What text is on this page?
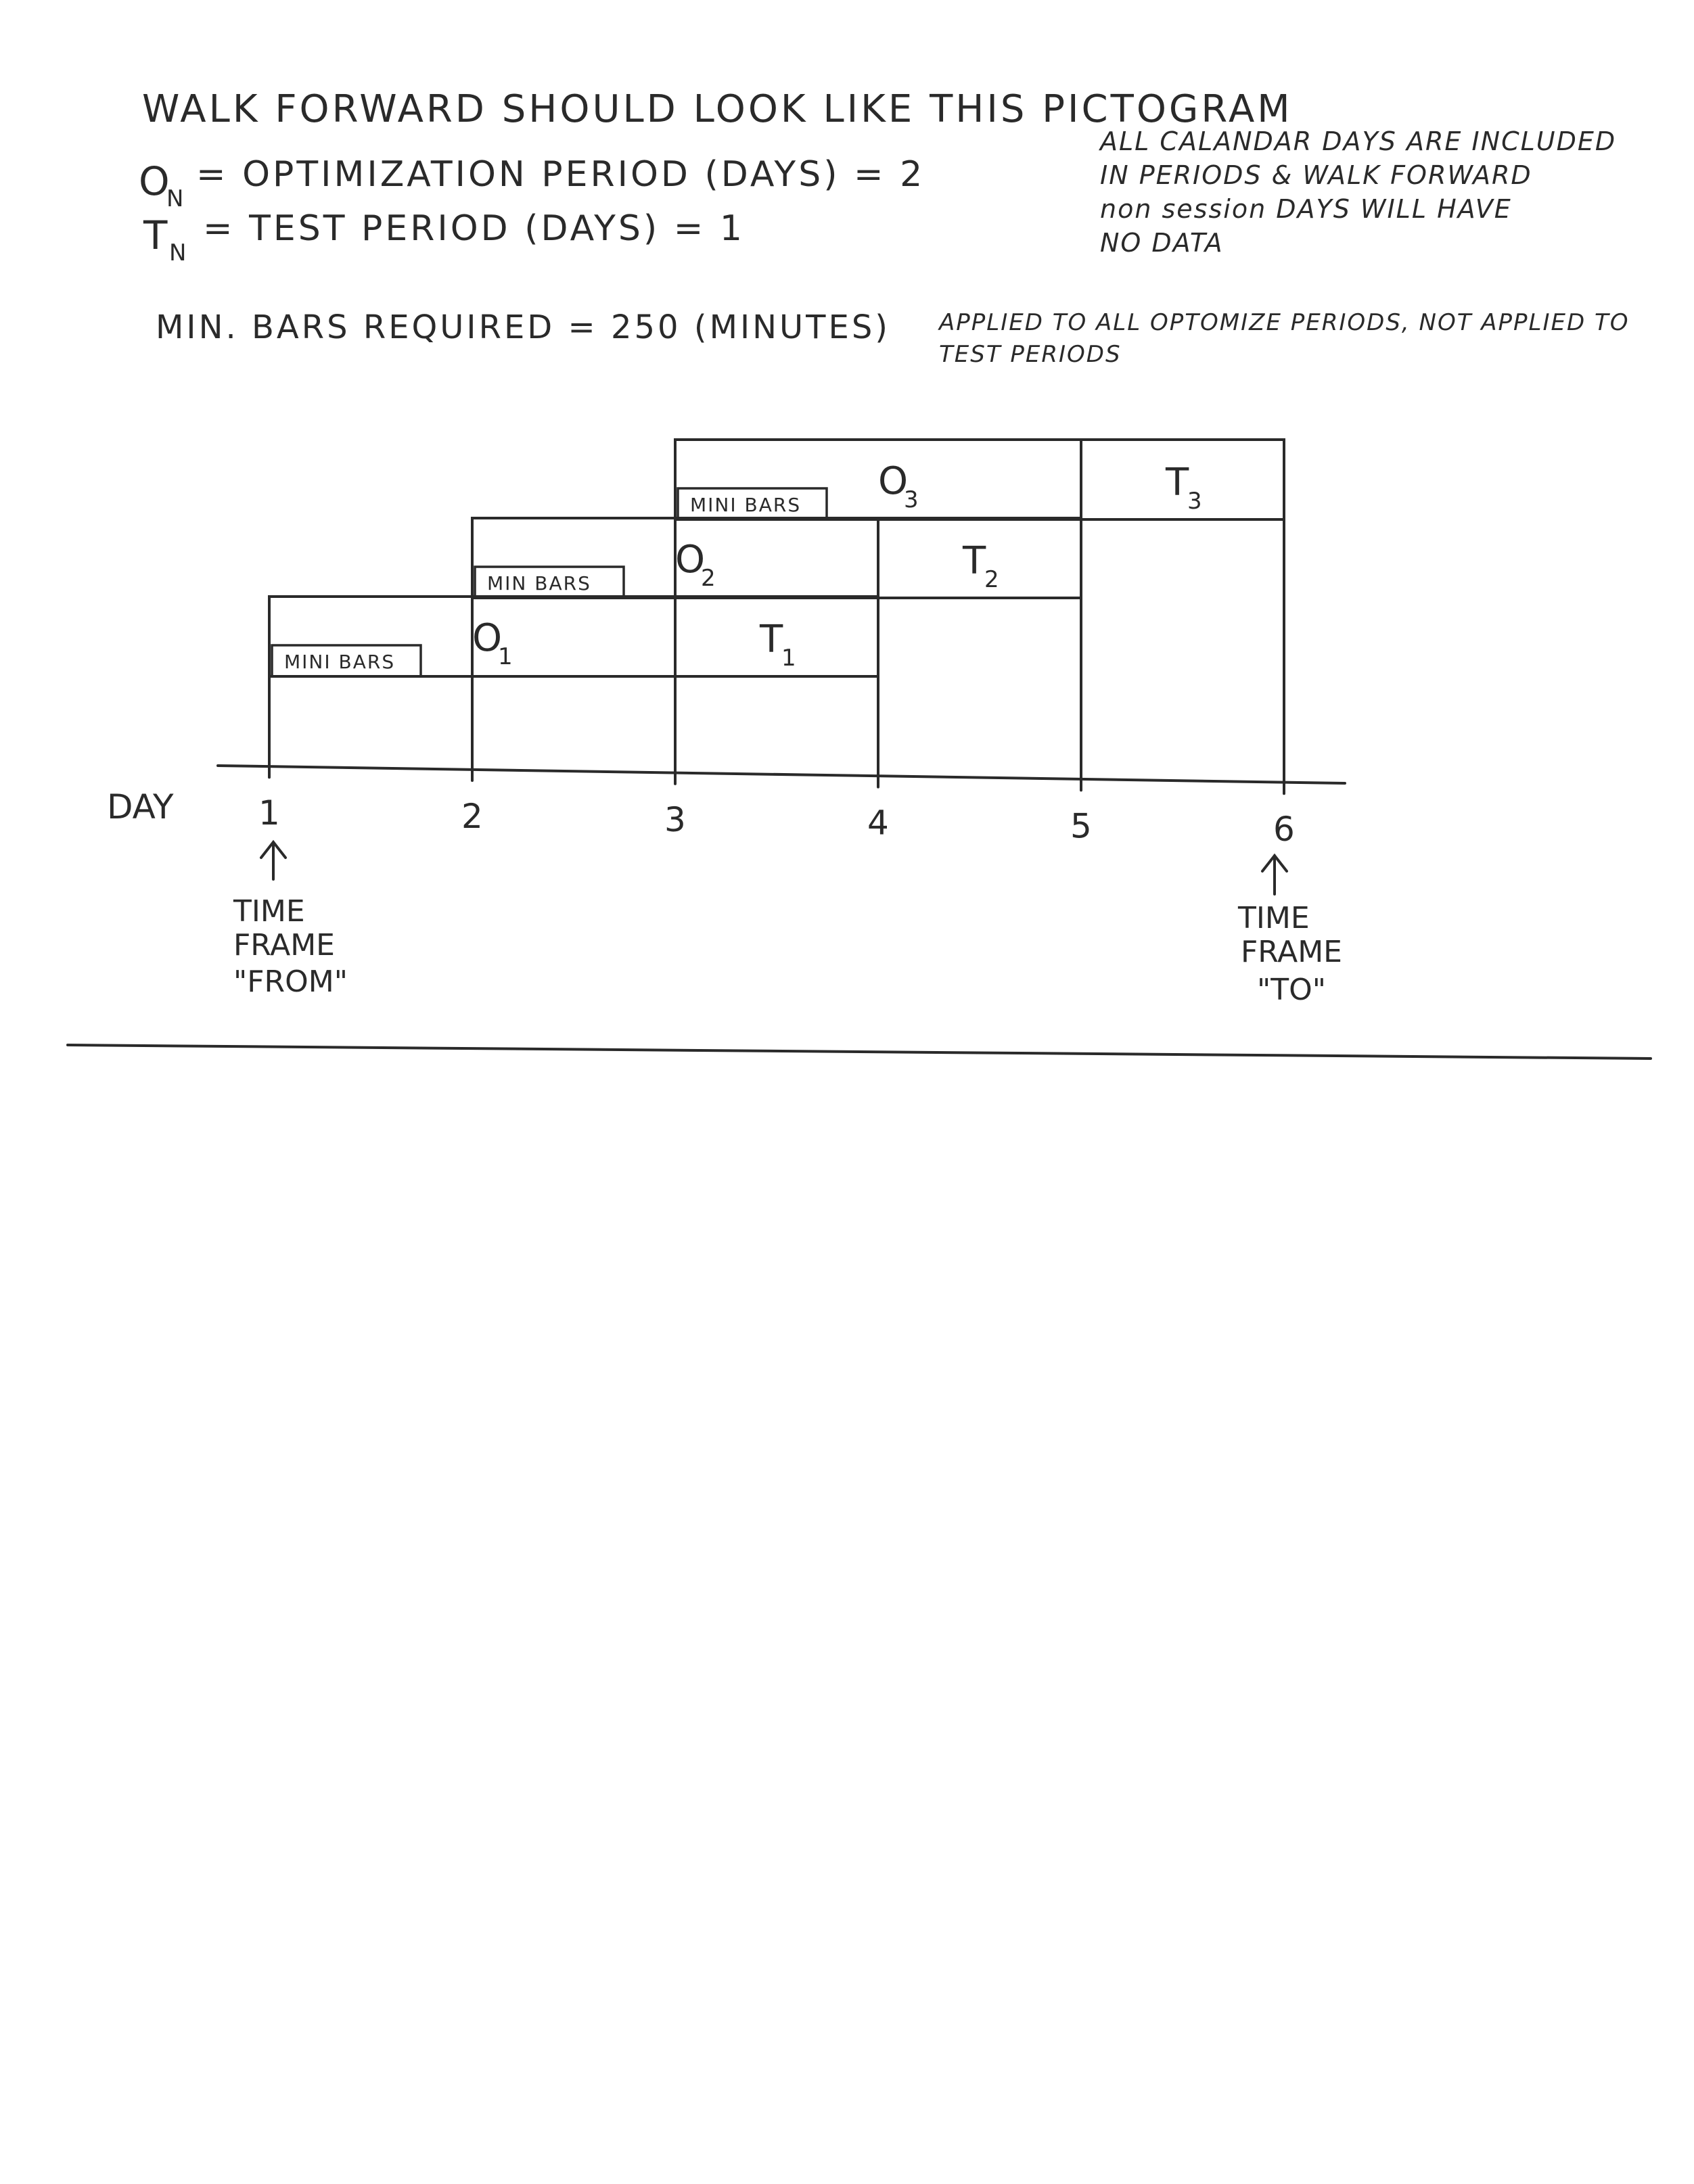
WALK FORWARD SHOULD LOOK LIKE THIS PICTOGRAM
O
N
= OPTIMIZATION PERIOD (DAYS) = 2
T N
= TEST PERIOD (DAYS) = 1
MIN. BARS REQUIRED = 250 (MINUTES)
ALL CALANDAR DAYS ARE INCLUDED
IN PERIODS & WALK FORWARD
non session DAYS WILL HAVE
NO DATA
APPLIED TO ALL OPTOMIZE PERIODS, NOT APPLIED TO
TEST PERIODS
DAY	1	2	3	4	5	6
MINI BARS
O
1	T
1
MIN BARS
O
2	T
2
MINI BARS
O
3	T
3
TIME
FRAME
"FROM"
TIME
FRAME
"TO"
